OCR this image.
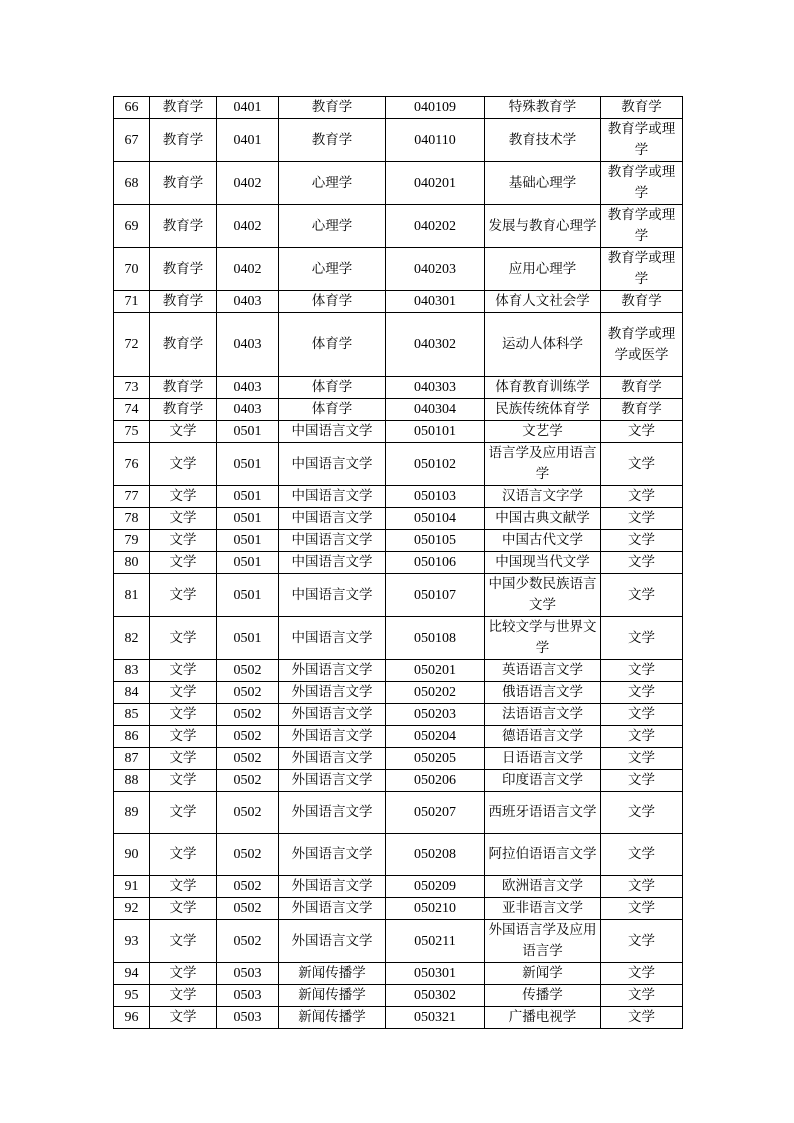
66	教育学	0401	教育学	040109	特殊教育学	教育学
67	教育学	0401	教育学	040110	教育技术学	教育学或理学
68	教育学	0402	心理学	040201	基础心理学	教育学或理学
69	教育学	0402	心理学	040202	发展与教育心理学	教育学或理学
70	教育学	0402	心理学	040203	应用心理学	教育学或理学
71	教育学	0403	体育学	040301	体育人文社会学	教育学
72	教育学	0403	体育学	040302	运动人体科学	教育学或理学或医学
73	教育学	0403	体育学	040303	体育教育训练学	教育学
74	教育学	0403	体育学	040304	民族传统体育学	教育学
75	文学	0501	中国语言文学	050101	文艺学	文学
76	文学	0501	中国语言文学	050102	语言学及应用语言学	文学
77	文学	0501	中国语言文学	050103	汉语言文字学	文学
78	文学	0501	中国语言文学	050104	中国古典文献学	文学
79	文学	0501	中国语言文学	050105	中国古代文学	文学
80	文学	0501	中国语言文学	050106	中国现当代文学	文学
81	文学	0501	中国语言文学	050107	中国少数民族语言文学	文学
82	文学	0501	中国语言文学	050108	比较文学与世界文学	文学
83	文学	0502	外国语言文学	050201	英语语言文学	文学
84	文学	0502	外国语言文学	050202	俄语语言文学	文学
85	文学	0502	外国语言文学	050203	法语语言文学	文学
86	文学	0502	外国语言文学	050204	德语语言文学	文学
87	文学	0502	外国语言文学	050205	日语语言文学	文学
88	文学	0502	外国语言文学	050206	印度语言文学	文学
89	文学	0502	外国语言文学	050207	西班牙语语言文学	文学
90	文学	0502	外国语言文学	050208	阿拉伯语语言文学	文学
91	文学	0502	外国语言文学	050209	欧洲语言文学	文学
92	文学	0502	外国语言文学	050210	亚非语言文学	文学
93	文学	0502	外国语言文学	050211	外国语言学及应用语言学	文学
94	文学	0503	新闻传播学	050301	新闻学	文学
95	文学	0503	新闻传播学	050302	传播学	文学
96	文学	0503	新闻传播学	050321	广播电视学	文学
